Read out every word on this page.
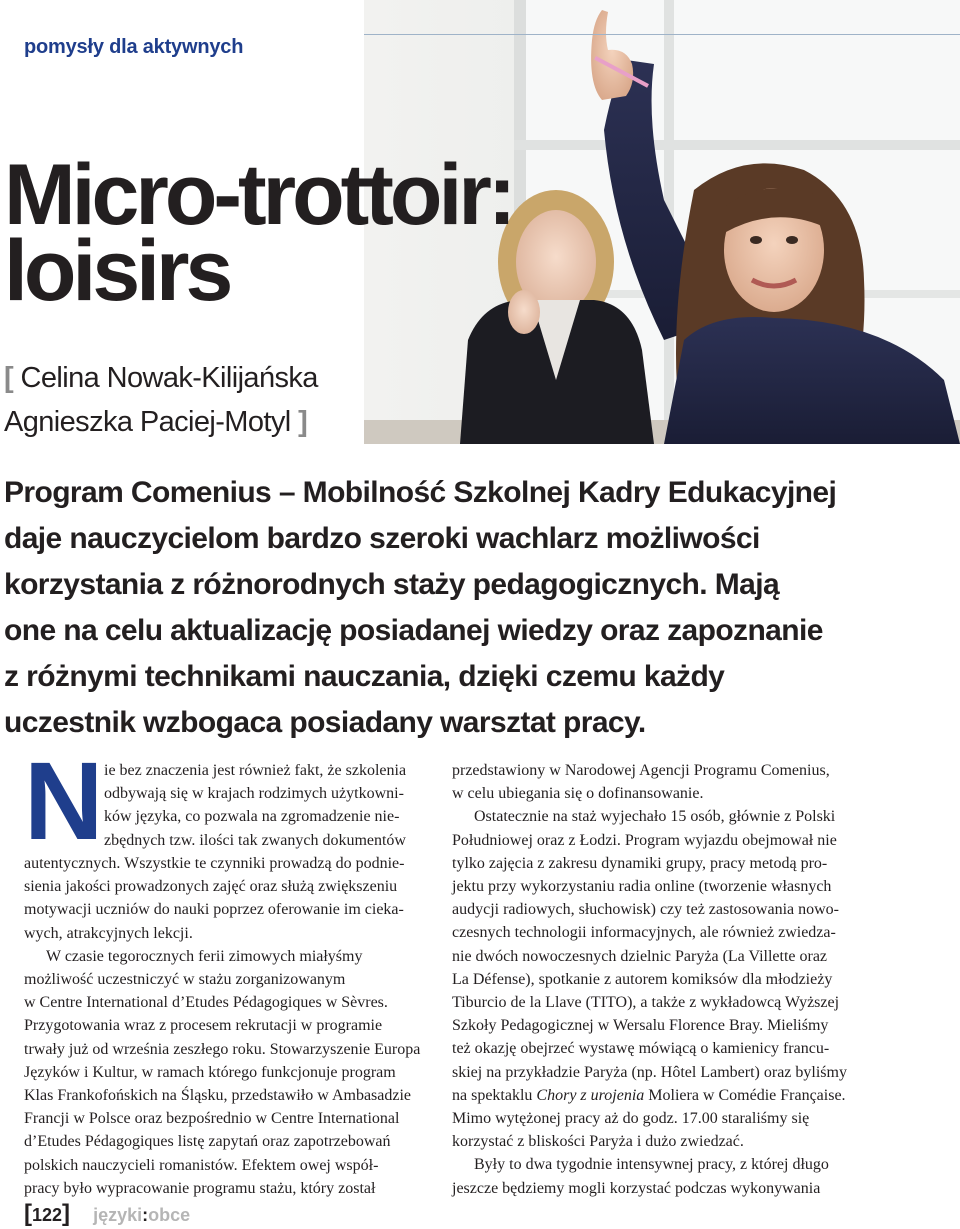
pomysły dla aktywnych
Micro-trottoir:
loisirs
[ Celina Nowak-Kilijańska
Agnieszka Paciej-Motyl ]
Program Comenius – Mobilność Szkolnej Kadry Edukacyjnej
daje nauczycielom bardzo szeroki wachlarz możliwości
korzystania z różnorodnych staży pedagogicznych. Mają
one na celu aktualizację posiadanej wiedzy oraz zapoznanie
z różnymi technikami nauczania, dzięki czemu każdy
uczestnik wzbogaca posiadany warsztat pracy.
N ie bez znaczenia jest również fakt, że szkolenia
odbywają się w krajach rodzimych użytkowni-
ków języka, co pozwala na zgromadzenie nie-
zbędnych tzw. ilości tak zwanych dokumentów

autentycznych. Wszystkie te czynniki prowadzą do podnie-
sienia jakości prowadzonych zajęć oraz służą zwiększeniu
motywacji uczniów do nauki poprzez oferowanie im cieka-
wych, atrakcyjnych lekcji.

W czasie tegorocznych ferii zimowych miałyśmy
możliwość uczestniczyć w stażu zorganizowanym
w Centre International d’Etudes Pédagogiques w Sèvres.
Przygotowania wraz z procesem rekrutacji w programie
trwały już od września zeszłego roku. Stowarzyszenie Europa
Języków i Kultur, w ramach którego funkcjonuje program
Klas Frankofońskich na Śląsku, przedstawiło w Ambasadzie
Francji w Polsce oraz bezpośrednio w Centre International
d’Etudes Pédagogiques listę zapytań oraz zapotrzebowań
polskich nauczycieli romanistów. Efektem owej współ-
pracy było wypracowanie programu stażu, który został

przedstawiony w Narodowej Agencji Programu Comenius,
w celu ubiegania się o dofinansowanie.

Ostatecznie na staż wyjechało 15 osób, głównie z Polski
Południowej oraz z Łodzi. Program wyjazdu obejmował nie
tylko zajęcia z zakresu dynamiki grupy, pracy metodą pro-
jektu przy wykorzystaniu radia online (tworzenie własnych
audycji radiowych, słuchowisk) czy też zastosowania nowo-
czesnych technologii informacyjnych, ale również zwiedza-
nie dwóch nowoczesnych dzielnic Paryża (La Villette oraz
La Défense), spotkanie z autorem komiksów dla młodzieży
Tiburcio de la Llave (TITO), a także z wykładowcą Wyższej
Szkoły Pedagogicznej w Wersalu Florence Bray. Mieliśmy
też okazję obejrzeć wystawę mówiącą o kamienicy francu-
skiej na przykładzie Paryża (np. Hôtel Lambert) oraz byliśmy
na spektaklu Chory z urojenia Moliera w Comédie Française.
Mimo wytężonej pracy aż do godz. 17.00 staraliśmy się
korzystać z bliskości Paryża i dużo zwiedzać.

Były to dwa tygodnie intensywnej pracy, z której długo
jeszcze będziemy mogli korzystać podczas wykonywania

[122] języki:obce
